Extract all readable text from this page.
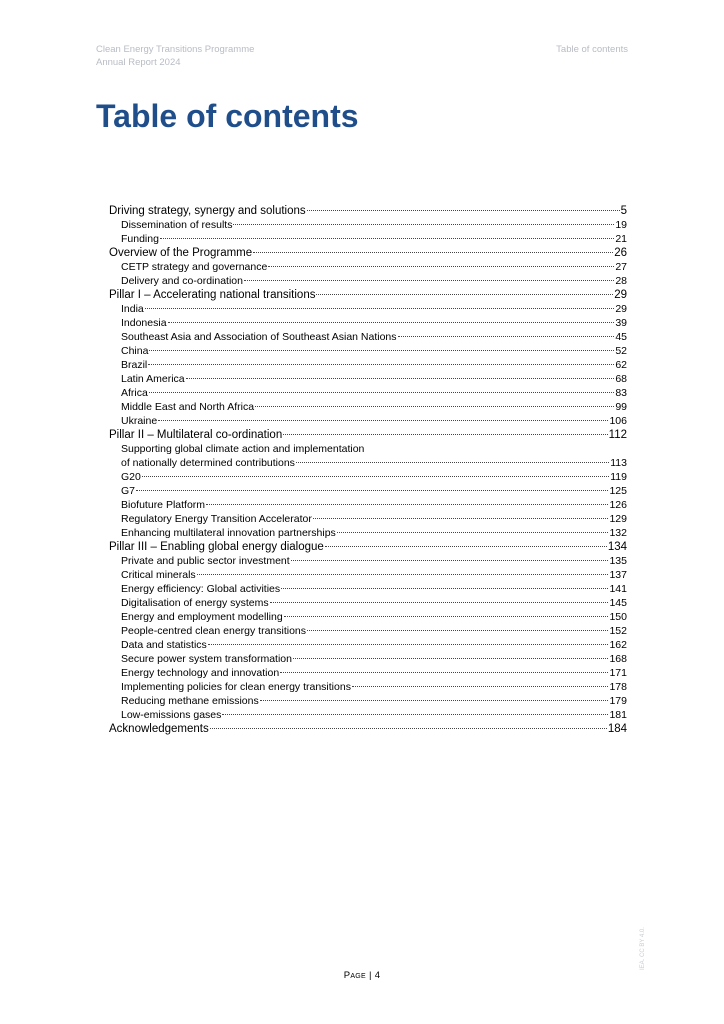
Clean Energy Transitions Programme
Annual Report 2024
Table of contents
Table of contents
Driving strategy, synergy and solutions	5
Dissemination of results	19
Funding	21
Overview of the Programme	26
CETP strategy and governance	27
Delivery and co-ordination	28
Pillar I – Accelerating national transitions	29
India	29
Indonesia	39
Southeast Asia and Association of Southeast Asian Nations	45
China	52
Brazil	62
Latin America	68
Africa	83
Middle East and North Africa	99
Ukraine	106
Pillar II – Multilateral co-ordination	112
Supporting global climate action and implementation
of nationally determined contributions	113
G20	119
G7	125
Biofuture Platform	126
Regulatory Energy Transition Accelerator	129
Enhancing multilateral innovation partnerships	132
Pillar III – Enabling global energy dialogue	134
Private and public sector investment	135
Critical minerals	137
Energy efficiency: Global activities	141
Digitalisation of energy systems	145
Energy and employment modelling	150
People-centred clean energy transitions	152
Data and statistics	162
Secure power system transformation	168
Energy technology and innovation	171
Implementing policies for clean energy transitions	178
Reducing methane emissions	179
Low-emissions gases	181
Acknowledgements	184
Page | 4
IEA. CC BY 4.0.
